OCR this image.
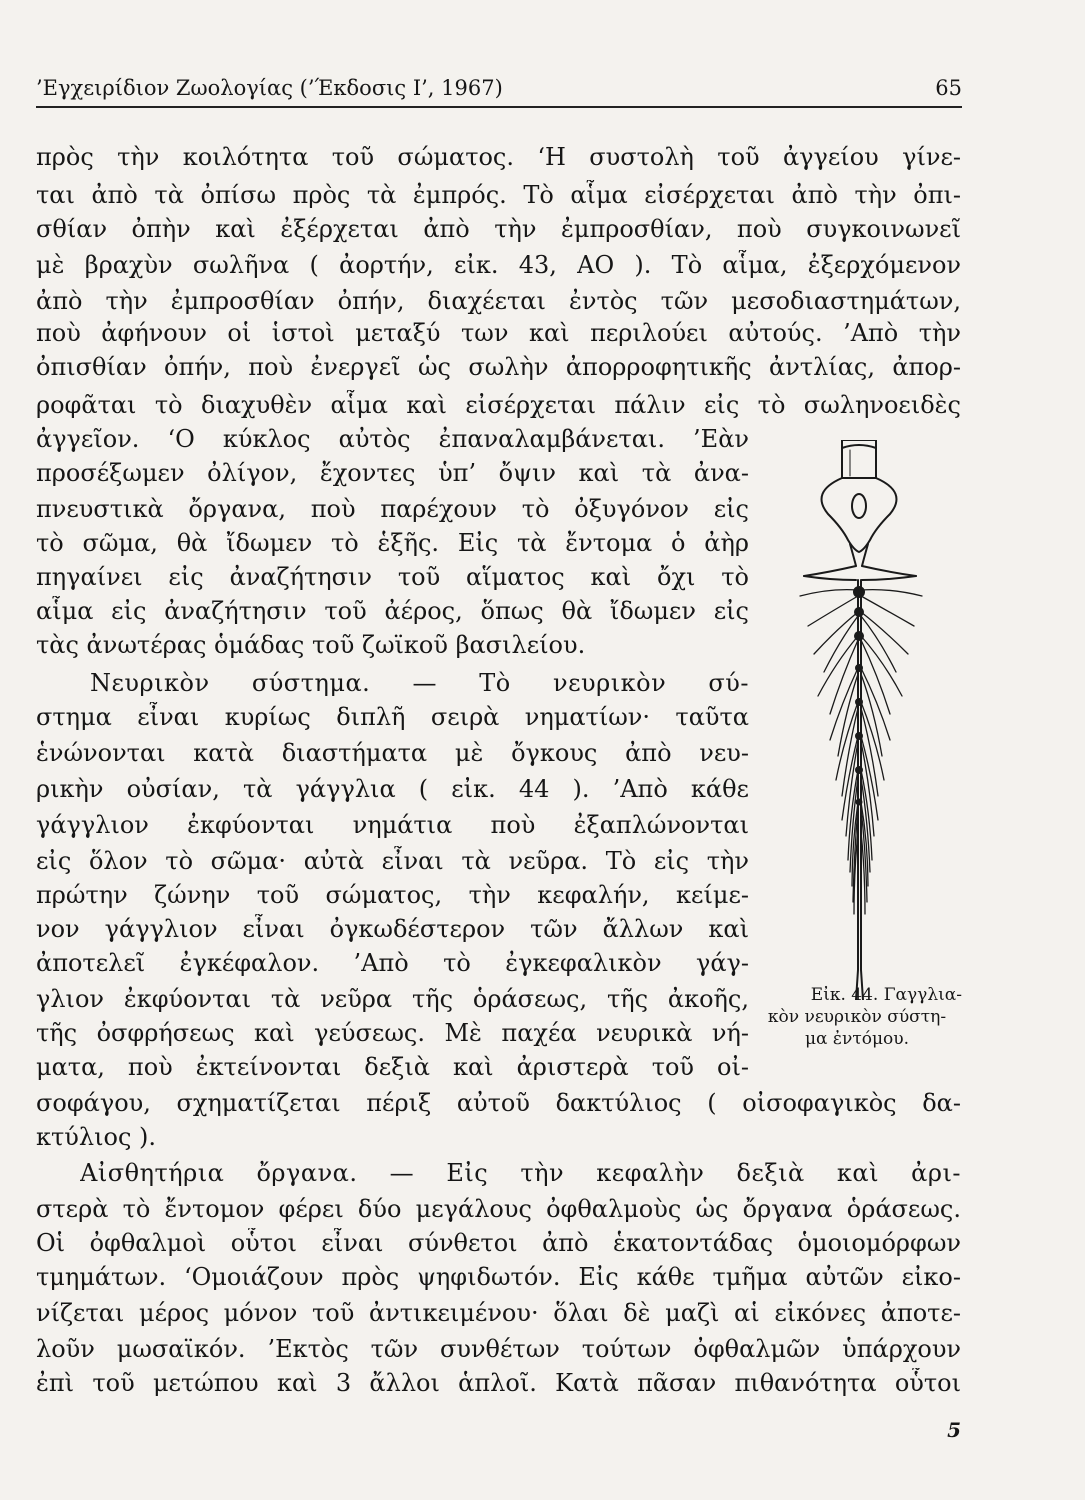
’Εγχειρίδιον Ζωολογίας (’Έκδοσις Ι’, 1967)	65
πρὸς τὴν κοιλότητα τοῦ σώματος. ‘Η συστολὴ τοῦ ἀγγείου γίνε-
ται ἀπὸ τὰ ὀπίσω πρὸς τὰ ἐμπρός. Τὸ αἷμα εἰσέρχεται ἀπὸ τὴν ὀπι-
σθίαν ὀπὴν καὶ ἐξέρχεται ἀπὸ τὴν ἐμπροσθίαν, ποὺ συγκοινωνεῖ
μὲ βραχὺν σωλῆνα ( ἀορτήν, εἰκ. 43, ΑΟ ). Τὸ αἷμα, ἐξερχόμενον
ἀπὸ τὴν ἐμπροσθίαν ὀπήν, διαχέεται ἐντὸς τῶν μεσοδιαστημάτων,
ποὺ ἀφήνουν οἱ ἱστοὶ μεταξύ των καὶ περιλούει αὐτούς. ’Απὸ τὴν
ὀπισθίαν ὀπήν, ποὺ ἐνεργεῖ ὡς σωλὴν ἀπορροφητικῆς ἀντλίας, ἀπορ-
ροφᾶται τὸ διαχυθὲν αἷμα καὶ εἰσέρχεται πάλιν εἰς τὸ σωληνοειδὲς
ἀγγεῖον. ‘Ο κύκλος αὐτὸς ἐπαναλαμβάνεται. ’Εὰν
προσέξωμεν ὀλίγον, ἔχοντες ὑπ’ ὄψιν καὶ τὰ ἀνα-
πνευστικὰ ὄργανα, ποὺ παρέχουν τὸ ὀξυγόνον εἰς
τὸ σῶμα, θὰ ἴδωμεν τὸ ἑξῆς. Εἰς τὰ ἔντομα ὁ ἀὴρ
πηγαίνει εἰς ἀναζήτησιν τοῦ αἵματος καὶ ὄχι τὸ
αἷμα εἰς ἀναζήτησιν τοῦ ἀέρος, ὅπως θὰ ἴδωμεν εἰς
τὰς ἀνωτέρας ὁμάδας τοῦ ζωϊκοῦ βασιλείου.
Νευρικὸν σύστημα. — Τὸ νευρικὸν σύ-
στημα εἶναι κυρίως διπλῆ σειρὰ νηματίων· ταῦτα
ἑνώνονται κατὰ διαστήματα μὲ ὄγκους ἀπὸ νευ-
ρικὴν οὐσίαν, τὰ γάγγλια ( εἰκ. 44 ). ’Απὸ κάθε
γάγγλιον ἐκφύονται νημάτια ποὺ ἐξαπλώνονται
εἰς ὅλον τὸ σῶμα· αὐτὰ εἶναι τὰ νεῦρα. Τὸ εἰς τὴν
πρώτην ζώνην τοῦ σώματος, τὴν κεφαλήν, κείμε-
νον γάγγλιον εἶναι ὀγκωδέστερον τῶν ἄλλων καὶ
ἀποτελεῖ ἐγκέφαλον. ’Απὸ τὸ ἐγκεφαλικὸν γάγ-
γλιον ἐκφύονται τὰ νεῦρα τῆς ὁράσεως, τῆς ἀκοῆς,
τῆς ὀσφρήσεως καὶ γεύσεως. Μὲ παχέα νευρικὰ νή-
ματα, ποὺ ἐκτείνονται δεξιὰ καὶ ἀριστερὰ τοῦ οἰ-
σοφάγου, σχηματίζεται πέριξ αὐτοῦ δακτύλιος ( οἰσοφαγικὸς δα-
κτύλιος ).
Αἰσθητήρια ὄργανα. — Εἰς τὴν κεφαλὴν δεξιὰ καὶ ἀρι-
στερὰ τὸ ἔντομον φέρει δύο μεγάλους ὀφθαλμοὺς ὡς ὄργανα ὁράσεως.
Οἱ ὀφθαλμοὶ οὗτοι εἶναι σύνθετοι ἀπὸ ἑκατοντάδας ὁμοιομόρφων
τμημάτων. ‘Ομοιάζουν πρὸς ψηφιδωτόν. Εἰς κάθε τμῆμα αὐτῶν εἰκο-
νίζεται μέρος μόνον τοῦ ἀντικειμένου· ὅλαι δὲ μαζὶ αἱ εἰκόνες ἀποτε-
λοῦν μωσαϊκόν. ’Εκτὸς τῶν συνθέτων τούτων ὀφθαλμῶν ὑπάρχουν
ἐπὶ τοῦ μετώπου καὶ 3 ἄλλοι ἁπλοῖ. Κατὰ πᾶσαν πιθανότητα οὗτοι
Εἰκ. 44. Γαγγλια-
κὸν νευρικὸν σύστη-
μα ἐντόμου.
5
